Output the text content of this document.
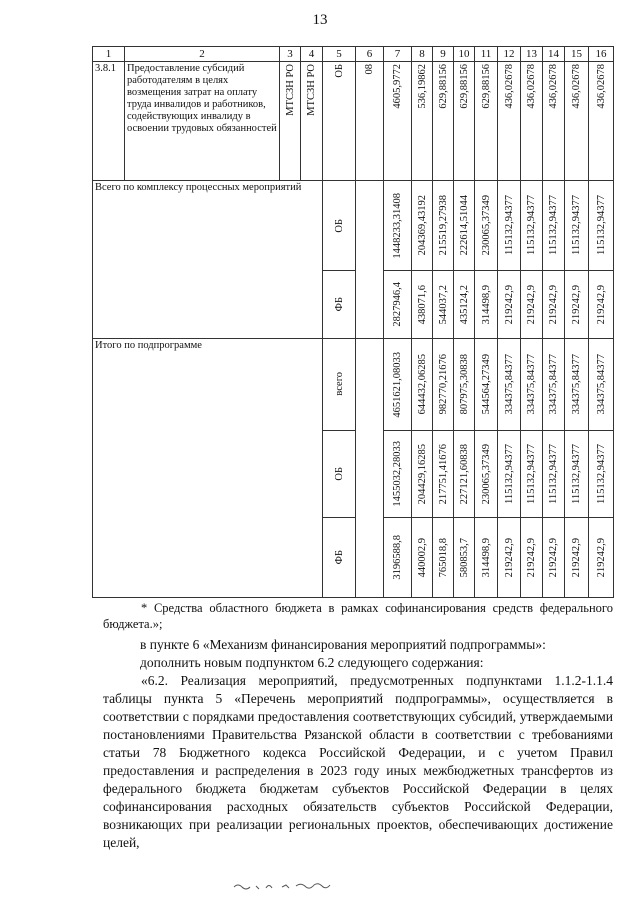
13
1	2	3	4	5	6	7	8	9	10	11	12	13	14	15	16
3.8.1	Предоставление субсидий работодателям в целях возмещения затрат на оплату труда инвалидов и работников, содействующих инвалиду в освоении трудовых обязанностей	МТСЗН РО	МТСЗН РО	ОБ	08	4605,9772	536,19862	629,88156	629,88156	629,88156	436,02678	436,02678	436,02678	436,02678	436,02678

Всего по комплексу процессных мероприятий				ОБ		1448233,31408	204369,43192	215519,27938	222614,51044	230065,37349	115132,94377	115132,94377	115132,94377	115132,94377	115132,94377

				ФБ		2827946,4	438071,6	544037,2	435124,2	314498,9	219242,9	219242,9	219242,9	219242,9	219242,9

Итого по подпрограмме				всего		4651621,08033	644432,06285	982770,21676	807975,30838	544564,27349	334375,84377	334375,84377	334375,84377	334375,84377	334375,84377

				ОБ		1455032,28033	204429,16285	217751,41676	227121,60838	230065,37349	115132,94377	115132,94377	115132,94377	115132,94377	115132,94377

				ФБ		3196588,8	440002,9	765018,8	580853,7	314498,9	219242,9	219242,9	219242,9	219242,9	219242,9
* Средства областного бюджета в рамках софинансирования средств федерального бюджета.»;
в пункте 6 «Механизм финансирования мероприятий подпрограммы»:
дополнить новым подпунктом 6.2 следующего содержания:
«6.2. Реализация мероприятий, предусмотренных подпунктами 1.1.2-1.1.4 таблицы пункта 5 «Перечень мероприятий подпрограммы», осуществляется в соответствии с порядками предоставления соответствующих субсидий, утверждаемыми постановлениями Правительства Рязанской области в соответствии с требованиями статьи 78 Бюджетного кодекса Российской Федерации, и с учетом Правил предоставления и распределения в 2023 году иных межбюджетных трансфертов из федерального бюджета бюджетам субъектов Российской Федерации в целях софинансирования расходных обязательств субъектов Российской Федерации, возникающих при реализации региональных проектов, обеспечивающих достижение целей,
